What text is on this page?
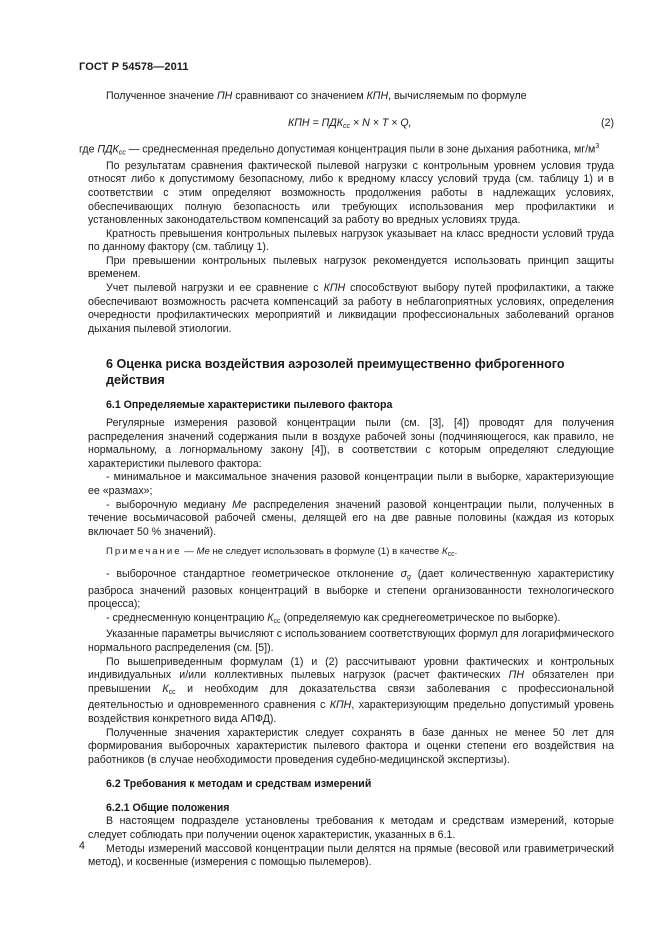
ГОСТ Р 54578—2011

Полученное значение ПН сравнивают со значением КПН, вычисляемым по формуле

КПН = $ПДК_{сс} \times N \times T \times Q$,	(2)

где $ПДК_{сс}$ — среднесменная предельно допустимая концентрация пыли в зоне дыхания работника, $мг/м^3$

По результатам сравнения фактической пылевой нагрузки с контрольным уровнем условия труда относят либо к допустимому безопасному, либо к вредному классу условий труда (см. таблицу 1) и в соответствии с этим определяют возможность продолжения работы в надлежащих условиях, обеспечивающих полную безопасность или требующих использования мер профилактики и установленных законодательством компенсаций за работу во вредных условиях труда.

Кратность превышения контрольных пылевых нагрузок указывает на класс вредности условий труда по данному фактору (см. таблицу 1).

При превышении контрольных пылевых нагрузок рекомендуется использовать принцип защиты временем.

Учет пылевой нагрузки и ее сравнение с КПН способствуют выбору путей профилактики, а также обеспечивают возможность расчета компенсаций за работу в неблагоприятных условиях, определения очередности профилактических мероприятий и ликвидации профессиональных заболеваний органов дыхания пылевой этиологии.

6 Оценка риска воздействия аэрозолей преимущественно фиброгенного действия
6.1 Определяемые характеристики пылевого фактора

Регулярные измерения разовой концентрации пыли (см. [3], [4]) проводят для получения распределения значений содержания пыли в воздухе рабочей зоны (подчиняющегося, как правило, не нормальному, а логнормальному закону [4]), в соответствии с которым определяют следующие характеристики пылевого фактора:

- минимальное и максимальное значения разовой концентрации пыли в выборке, характеризующие ее «размах»;

- выборочную медиану Ме распределения значений разовой концентрации пыли, полученных в течение восьмичасовой рабочей смены, делящей его на две равные половины (каждая из которых включает 50 % значений).

Примечание — Ме не следует использовать в формуле (1) в качестве $К_{сс}$.

- выборочное стандартное геометрическое отклонение $\sigma_g$ (дает количественную характеристику разброса значений разовых концентраций в выборке и степени организованности технологического процесса);

- среднесменную концентрацию $К_{сс}$ (определяемую как среднегеометрическое по выборке).

Указанные параметры вычисляют с использованием соответствующих формул для логарифмического нормального распределения (см. [5]).

По вышеприведенным формулам (1) и (2) рассчитывают уровни фактических и контрольных индивидуальных и/или коллективных пылевых нагрузок (расчет фактических ПН обязателен при превышении $К_{сс}$ и необходим для доказательства связи заболевания с профессиональной деятельностью и одновременного сравнения с КПН, характеризующим предельно допустимый уровень воздействия конкретного вида АПФД).

Полученные значения характеристик следует сохранять в базе данных не менее 50 лет для формирования выборочных характеристик пылевого фактора и оценки степени его воздействия на работников (в случае необходимости проведения судебно-медицинской экспертизы).

6.2 Требования к методам и средствам измерений
6.2.1 Общие положения

В настоящем подразделе установлены требования к методам и средствам измерений, которые следует соблюдать при получении оценок характеристик, указанных в 6.1.

Методы измерений массовой концентрации пыли делятся на прямые (весовой или гравиметрический метод), и косвенные (измерения с помощью пылемеров).

4
